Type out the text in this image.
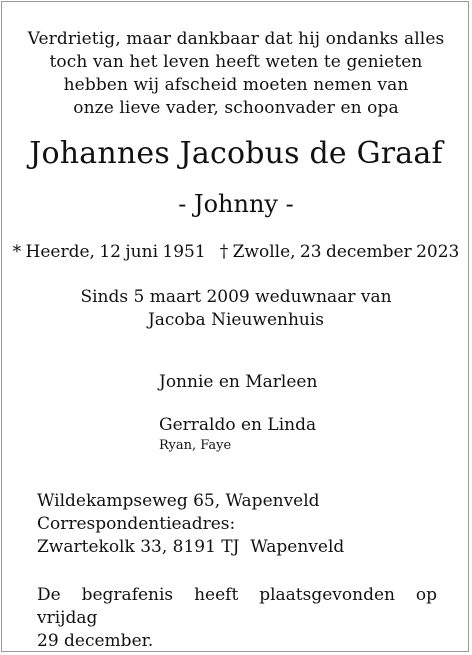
Verdrietig, maar dankbaar dat hij ondanks alles
toch van het leven heeft weten te genieten
hebben wij afscheid moeten nemen van
onze lieve vader, schoonvader en opa
Johannes Jacobus de Graaf
- Johnny -
* Heerde, 12 juni 1951 † Zwolle, 23 december 2023
Sinds 5 maart 2009 weduwnaar van
Jacoba Nieuwenhuis
Jonnie en Marleen
Gerraldo en Linda
Ryan, Faye
Wildekampseweg 65, Wapenveld
Correspondentieadres:
Zwartekolk 33, 8191 TJ  Wapenveld
De begrafenis heeft plaatsgevonden op vrijdag
29 december.
